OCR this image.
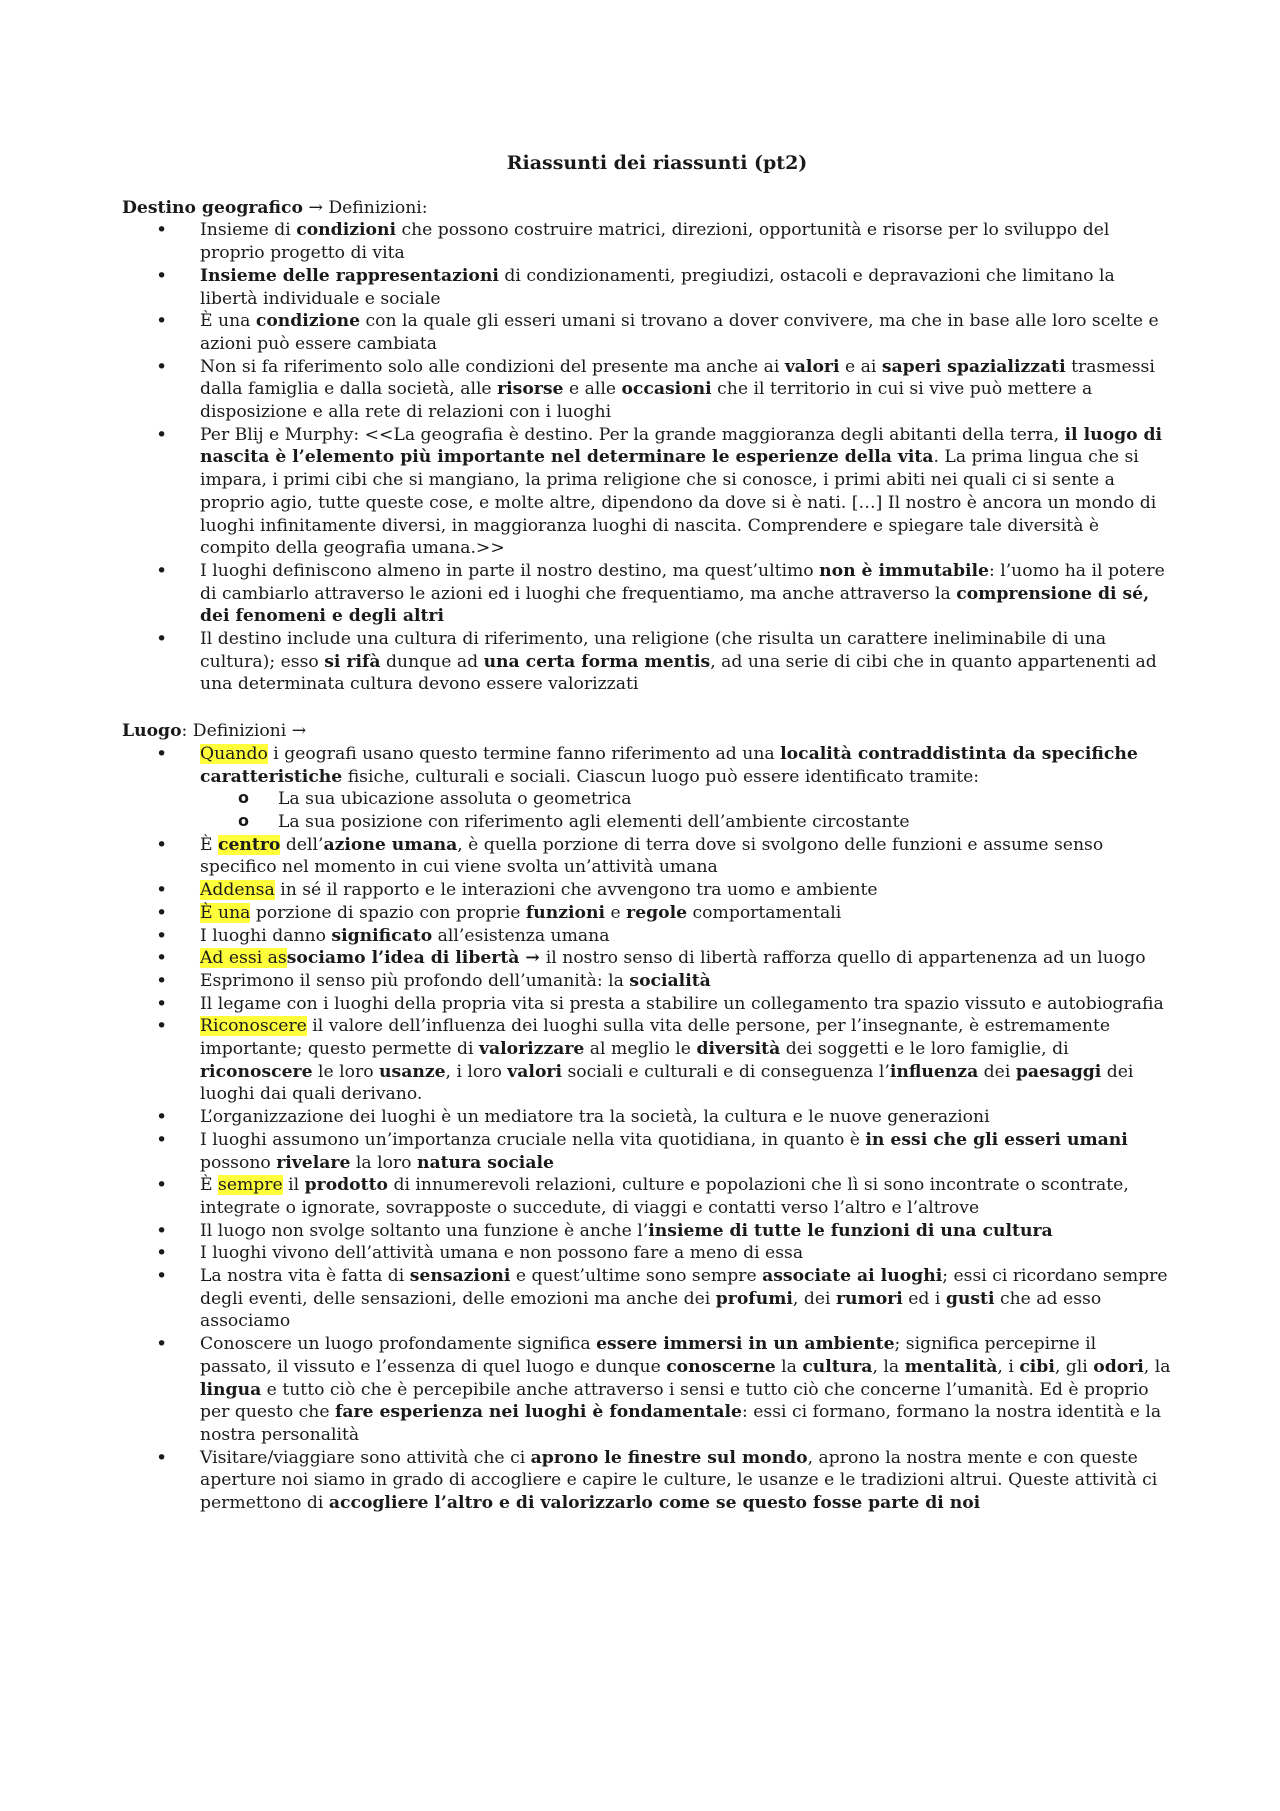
Riassunti dei riassunti (pt2)
Destino geografico → Definizioni:
• Insieme di condizioni che possono costruire matrici, direzioni, opportunità e risorse per lo sviluppo del proprio progetto di vita
• Insieme delle rappresentazioni di condizionamenti, pregiudizi, ostacoli e depravazioni che limitano la libertà individuale e sociale
• È una condizione con la quale gli esseri umani si trovano a dover convivere, ma che in base alle loro scelte e azioni può essere cambiata
• Non si fa riferimento solo alle condizioni del presente ma anche ai valori e ai saperi spazializzati trasmessi dalla famiglia e dalla società, alle risorse e alle occasioni che il territorio in cui si vive può mettere a disposizione e alla rete di relazioni con i luoghi
• Per Blij e Murphy: <<La geografia è destino. Per la grande maggioranza degli abitanti della terra, il luogo di nascita è l’elemento più importante nel determinare le esperienze della vita. La prima lingua che si impara, i primi cibi che si mangiano, la prima religione che si conosce, i primi abiti nei quali ci si sente a proprio agio, tutte queste cose, e molte altre, dipendono da dove si è nati. […] Il nostro è ancora un mondo di luoghi infinitamente diversi, in maggioranza luoghi di nascita. Comprendere e spiegare tale diversità è compito della geografia umana.>>
• I luoghi definiscono almeno in parte il nostro destino, ma quest’ultimo non è immutabile: l’uomo ha il potere di cambiarlo attraverso le azioni ed i luoghi che frequentiamo, ma anche attraverso la comprensione di sé, dei fenomeni e degli altri
• Il destino include una cultura di riferimento, una religione (che risulta un carattere ineliminabile di una cultura); esso si rifà dunque ad una certa forma mentis, ad una serie di cibi che in quanto appartenenti ad una determinata cultura devono essere valorizzati
Luogo: Definizioni →
• Quando i geografi usano questo termine fanno riferimento ad una località contraddistinta da specifiche caratteristiche fisiche, culturali e sociali. Ciascun luogo può essere identificato tramite:
o La sua ubicazione assoluta o geometrica
o La sua posizione con riferimento agli elementi dell’ambiente circostante
• È centro dell’azione umana, è quella porzione di terra dove si svolgono delle funzioni e assume senso specifico nel momento in cui viene svolta un’attività umana
• Addensa in sé il rapporto e le interazioni che avvengono tra uomo e ambiente
• È una porzione di spazio con proprie funzioni e regole comportamentali
• I luoghi danno significato all’esistenza umana
• Ad essi associamo l’idea di libertà → il nostro senso di libertà rafforza quello di appartenenza ad un luogo
• Esprimono il senso più profondo dell’umanità: la socialità
• Il legame con i luoghi della propria vita si presta a stabilire un collegamento tra spazio vissuto e autobiografia
• Riconoscere il valore dell’influenza dei luoghi sulla vita delle persone, per l’insegnante, è estremamente importante; questo permette di valorizzare al meglio le diversità dei soggetti e le loro famiglie, di riconoscere le loro usanze, i loro valori sociali e culturali e di conseguenza l’influenza dei paesaggi dei luoghi dai quali derivano.
• L’organizzazione dei luoghi è un mediatore tra la società, la cultura e le nuove generazioni
• I luoghi assumono un’importanza cruciale nella vita quotidiana, in quanto è in essi che gli esseri umani possono rivelare la loro natura sociale
• È sempre il prodotto di innumerevoli relazioni, culture e popolazioni che lì si sono incontrate o scontrate, integrate o ignorate, sovrapposte o succedute, di viaggi e contatti verso l’altro e l’altrove
• Il luogo non svolge soltanto una funzione è anche l’insieme di tutte le funzioni di una cultura
• I luoghi vivono dell’attività umana e non possono fare a meno di essa
• La nostra vita è fatta di sensazioni e quest’ultime sono sempre associate ai luoghi; essi ci ricordano sempre degli eventi, delle sensazioni, delle emozioni ma anche dei profumi, dei rumori ed i gusti che ad esso associamo
• Conoscere un luogo profondamente significa essere immersi in un ambiente; significa percepirne il passato, il vissuto e l’essenza di quel luogo e dunque conoscerne la cultura, la mentalità, i cibi, gli odori, la lingua e tutto ciò che è percepibile anche attraverso i sensi e tutto ciò che concerne l’umanità. Ed è proprio per questo che fare esperienza nei luoghi è fondamentale: essi ci formano, formano la nostra identità e la nostra personalità
• Visitare/viaggiare sono attività che ci aprono le finestre sul mondo, aprono la nostra mente e con queste aperture noi siamo in grado di accogliere e capire le culture, le usanze e le tradizioni altrui. Queste attività ci permettono di accogliere l’altro e di valorizzarlo come se questo fosse parte di noi
